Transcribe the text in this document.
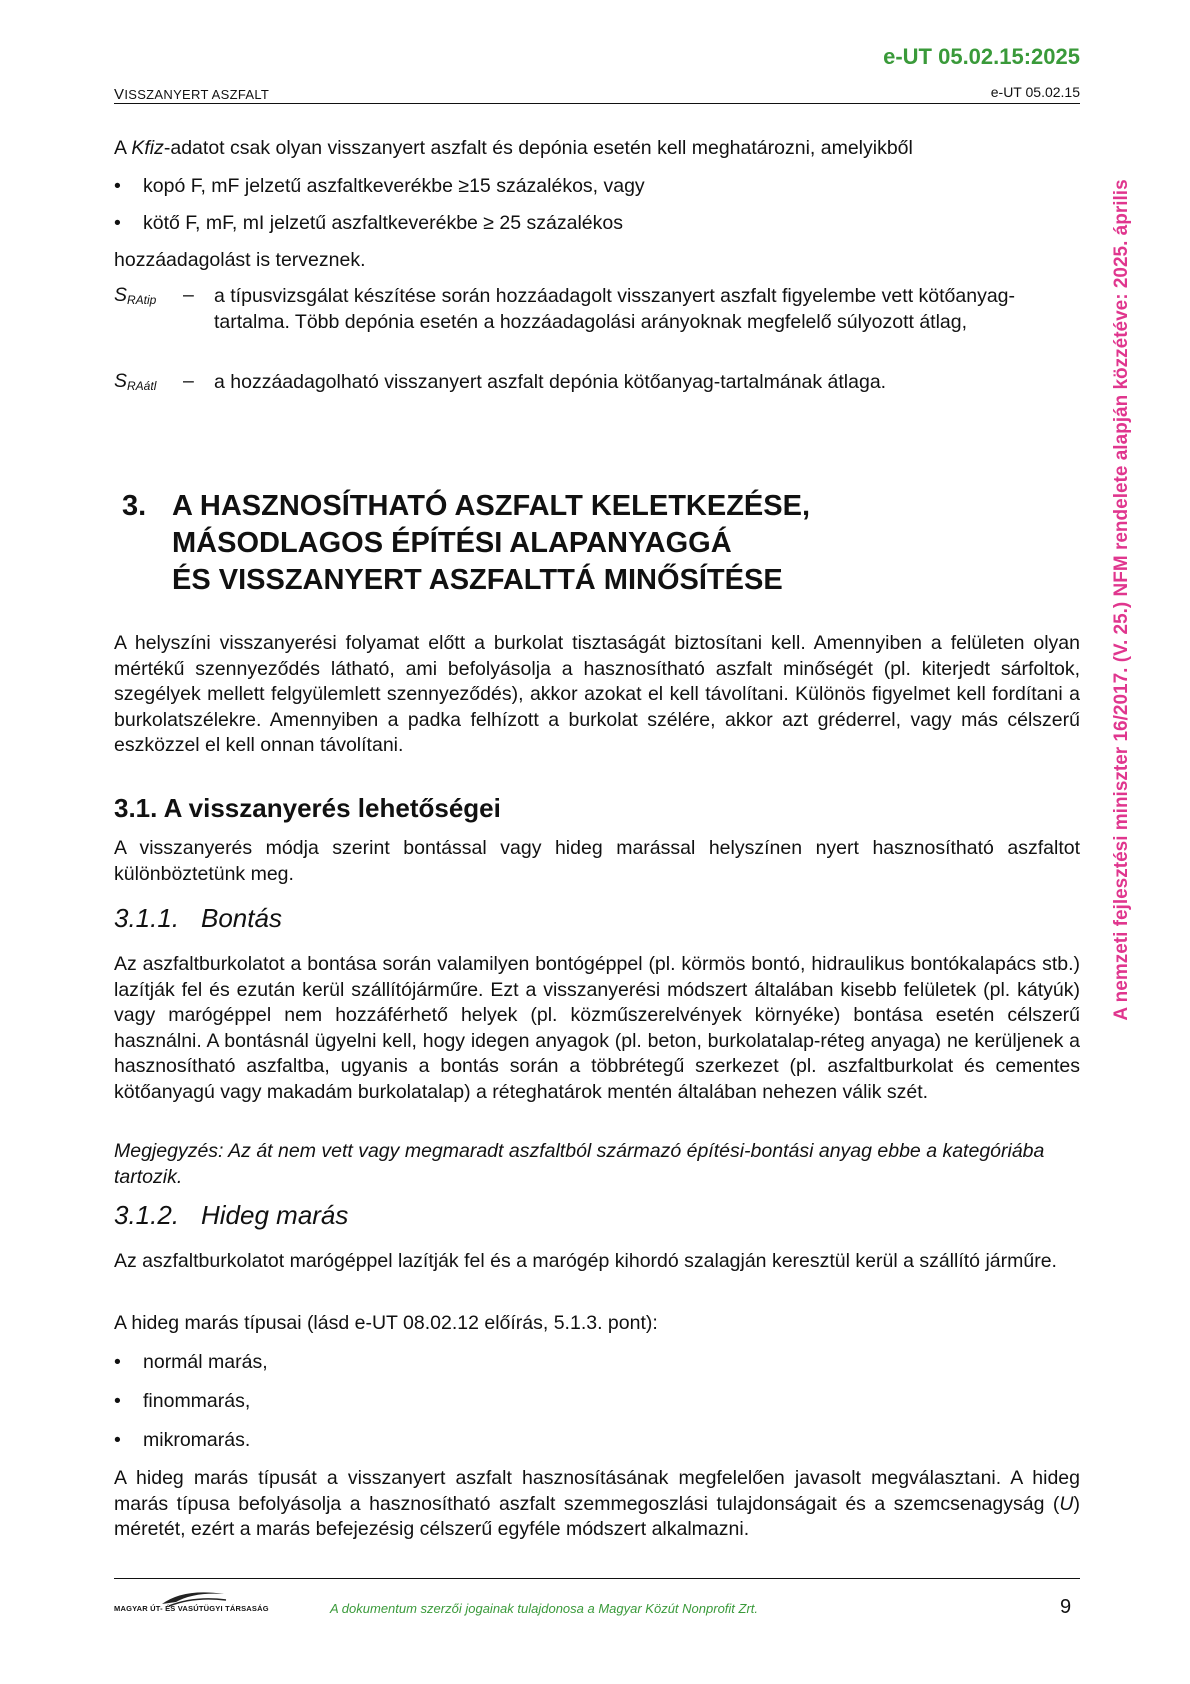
e-UT 05.02.15:2025
VISSZANYERT ASZFALT	e-UT 05.02.15
A nemzeti fejlesztési miniszter 16/2017. (V. 25.) NFM rendelete alapján közzétéve: 2025. április
A Kfiz-adatot csak olyan visszanyert aszfalt és depónia esetén kell meghatározni, amelyikből
• kopó F, mF jelzetű aszfaltkeverékbe ≥15 százalékos, vagy
• kötő F, mF, mI jelzetű aszfaltkeverékbe ≥ 25 százalékos
hozzáadagolást is terveznek.
$S_{RAtip}$ – a típusvizsgálat készítése során hozzáadagolt visszanyert aszfalt figyelembe vett kötőanyag-tartalma. Több depónia esetén a hozzáadagolási arányoknak megfelelő súlyozott átlag,
$S_{RAátl}$ – a hozzáadagolható visszanyert aszfalt depónia kötőanyag-tartalmának átlaga.
3. A HASZNOSÍTHATÓ ASZFALT KELETKEZÉSE,
MÁSODLAGOS ÉPÍTÉSI ALAPANYAGGÁ
ÉS VISSZANYERT ASZFALTTÁ MINŐSÍTÉSE
A helyszíni visszanyerési folyamat előtt a burkolat tisztaságát biztosítani kell. Amennyiben a felületen olyan mértékű szennyeződés látható, ami befolyásolja a hasznosítható aszfalt minőségét (pl. kiterjedt sárfoltok, szegélyek mellett felgyülemlett szennyeződés), akkor azokat el kell távolítani. Különös figyelmet kell fordítani a burkolatszélekre. Amennyiben a padka felhízott a burkolat szélére, akkor azt gréderrel, vagy más célszerű eszközzel el kell onnan távolítani.
3.1. A visszanyerés lehetőségei
A visszanyerés módja szerint bontással vagy hideg marással helyszínen nyert hasznosítható aszfaltot különböztetünk meg.
3.1.1. Bontás
Az aszfaltburkolatot a bontása során valamilyen bontógéppel (pl. körmös bontó, hidraulikus bontókalapács stb.) lazítják fel és ezután kerül szállítójárműre. Ezt a visszanyerési módszert általában kisebb felületek (pl. kátyúk) vagy marógéppel nem hozzáférhető helyek (pl. közműszerelvények környéke) bontása esetén célszerű használni. A bontásnál ügyelni kell, hogy idegen anyagok (pl. beton, burkolatalap-réteg anyaga) ne kerüljenek a hasznosítható aszfaltba, ugyanis a bontás során a többrétegű szerkezet (pl. aszfaltburkolat és cementes kötőanyagú vagy makadám burkolatalap) a réteghatárok mentén általában nehezen válik szét.
Megjegyzés: Az át nem vett vagy megmaradt aszfaltból származó építési-bontási anyag ebbe a kategóriába tartozik.
3.1.2. Hideg marás
Az aszfaltburkolatot marógéppel lazítják fel és a marógép kihordó szalagján keresztül kerül a szállító járműre.
A hideg marás típusai (lásd e-UT 08.02.12 előírás, 5.1.3. pont):
• normál marás,
• finommarás,
• mikromarás.
A hideg marás típusát a visszanyert aszfalt hasznosításának megfelelően javasolt megválasztani. A hideg marás típusa befolyásolja a hasznosítható aszfalt szemmegoszlási tulajdonságait és a szemcsenagyság (U) méretét, ezért a marás befejezésig célszerű egyféle módszert alkalmazni.
MAGYAR ÚT- ÉS VASÚTÜGYI TÁRSASÁG	A dokumentum szerzői jogainak tulajdonosa a Magyar Közút Nonprofit Zrt.	9
